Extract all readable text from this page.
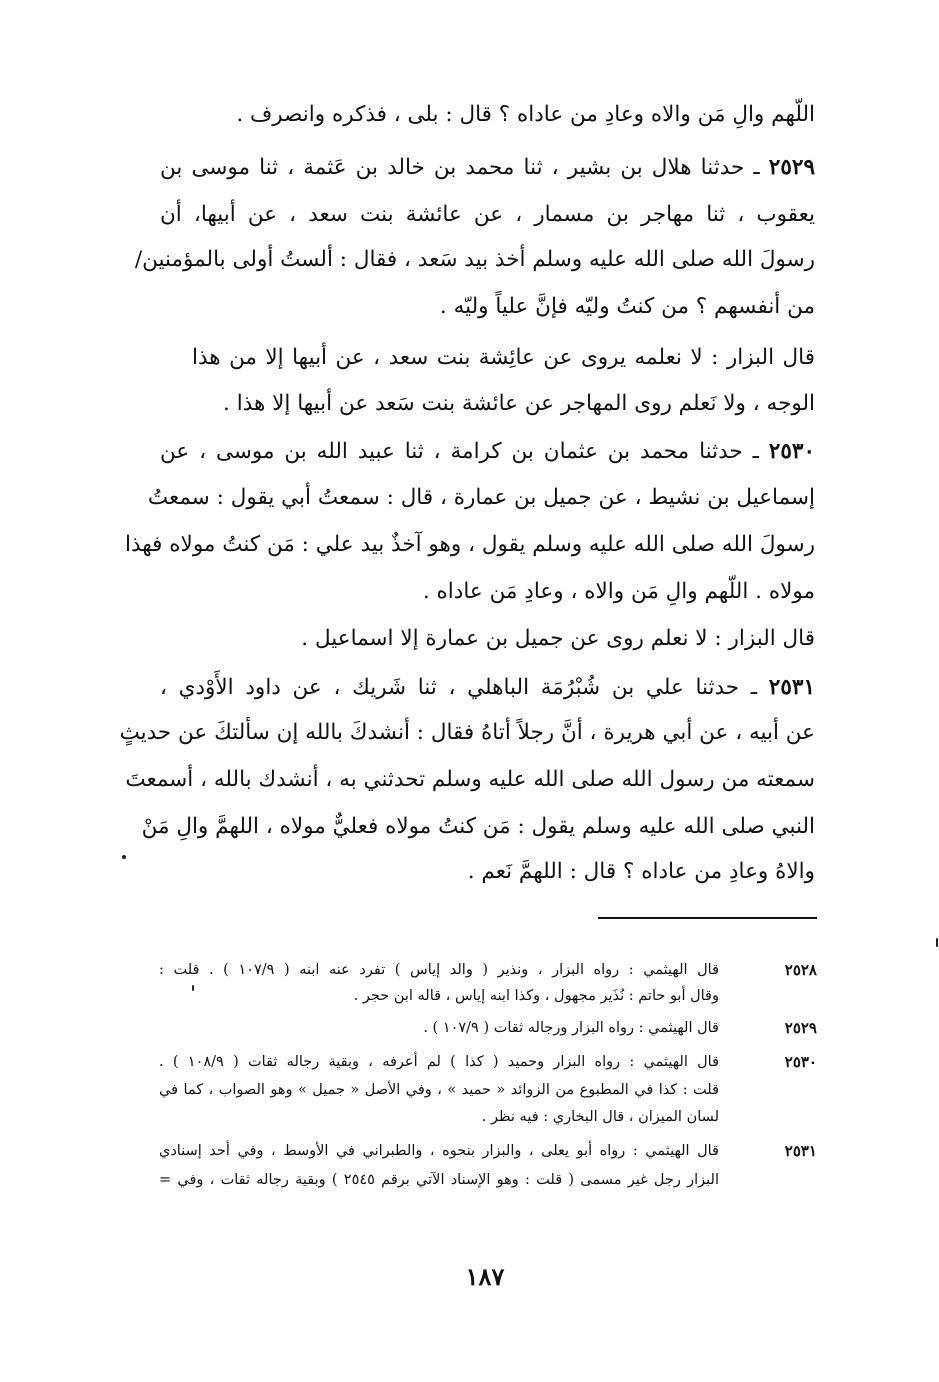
اللّهم والِ مَن والاه وعادِ من عاداه ؟ قال : بلى ، فذكره وانصرف .
٢٥٢٩ ـ حدثنا هلال بن بشير ، ثنا محمد بن خالد بن عَثمة ، ثنا موسى بن
يعقوب ، ثنا مهاجر بن مسمار ، عن عائشة بنت سعد ، عن أبيها، أن
رسولَ الله صلى الله عليه وسلم أخذ بيد سَعد ، فقال : ألستُ أولى بالمؤمنين/
من أنفسهم ؟ من كنتُ وليّه فإنَّ علياً وليّه .
قال البزار : لا نعلمه يروى عن عائِشة بنت سعد ، عن أبيها إلا من هذا
الوجه ، ولا نَعلم روى المهاجر عن عائشة بنت سَعد عن أبيها إلا هذا .
٢٥٣٠ ـ حدثنا محمد بن عثمان بن كرامة ، ثنا عبيد الله بن موسى ، عن
إسماعيل بن نشيط ، عن جميل بن عمارة ، قال : سمعتُ أبي يقول : سمعتُ
رسولَ الله صلى الله عليه وسلم يقول ، وهو آخذٌ بيد علي : مَن كنتُ مولاه فهذا
مولاه . اللّهم والِ مَن والاه ، وعادِ مَن عاداه .
قال البزار : لا نعلم روى عن جميل بن عمارة إلا اسماعيل .
٢٥٣١ ـ حدثنا علي بن شُبْرُمَة الباهلي ، ثنا شَريك ، عن داود الأَوْدي ،
عن أبيه ، عن أبي هريرة ، أنَّ رجلاً أتاهُ فقال : أنشدكَ بالله إن سألتكَ عن حديثٍ
سمعته من رسول الله صلى الله عليه وسلم تحدثني به ، أنشدك بالله ، أسمعتَ
النبي صلى الله عليه وسلم يقول : مَن كنتُ مولاه فعليٌّ مولاه ، اللهمَّ والِ مَنْ
والاهُ وعادِ من عاداه ؟ قال : اللهمَّ نَعم .
٢٥٢٨
قال الهيثمي : رواه البزار ، ونذير ( والد إياس ) تفرد عنه ابنه ( ١٠٧/٩ ) . قلت :
وقال أبو حاتم : نُذَير مجهول ، وكذا ابنه إياس ، قاله ابن حجر .
٢٥٢٩
قال الهيثمي : رواه البزار ورجاله ثقات ( ١٠٧/٩ ) .
٢٥٣٠
قال الهيثمي : رواه البزار وحميد ( كذا ) لم أعرفه ، وبقية رجاله ثقات ( ١٠٨/٩ ) .
قلت : كذا في المطبوع من الزوائد « حميد » ، وفي الأصل « جميل » وهو الصواب ، كما في
لسان الميزان ، قال البخاري : فيه نظر .
٢٥٣١
قال الهيثمي : رواه أبو يعلى ، والبزار بنحوه ، والطبراني في الأوسط ، وفي أحد إسنادي
البزار رجل غير مسمى ( قلت : وهو الإسناد الآتي برقم ٢٥٤٥ ) وبقية رجاله ثقات ، وفي =
١٨٧
